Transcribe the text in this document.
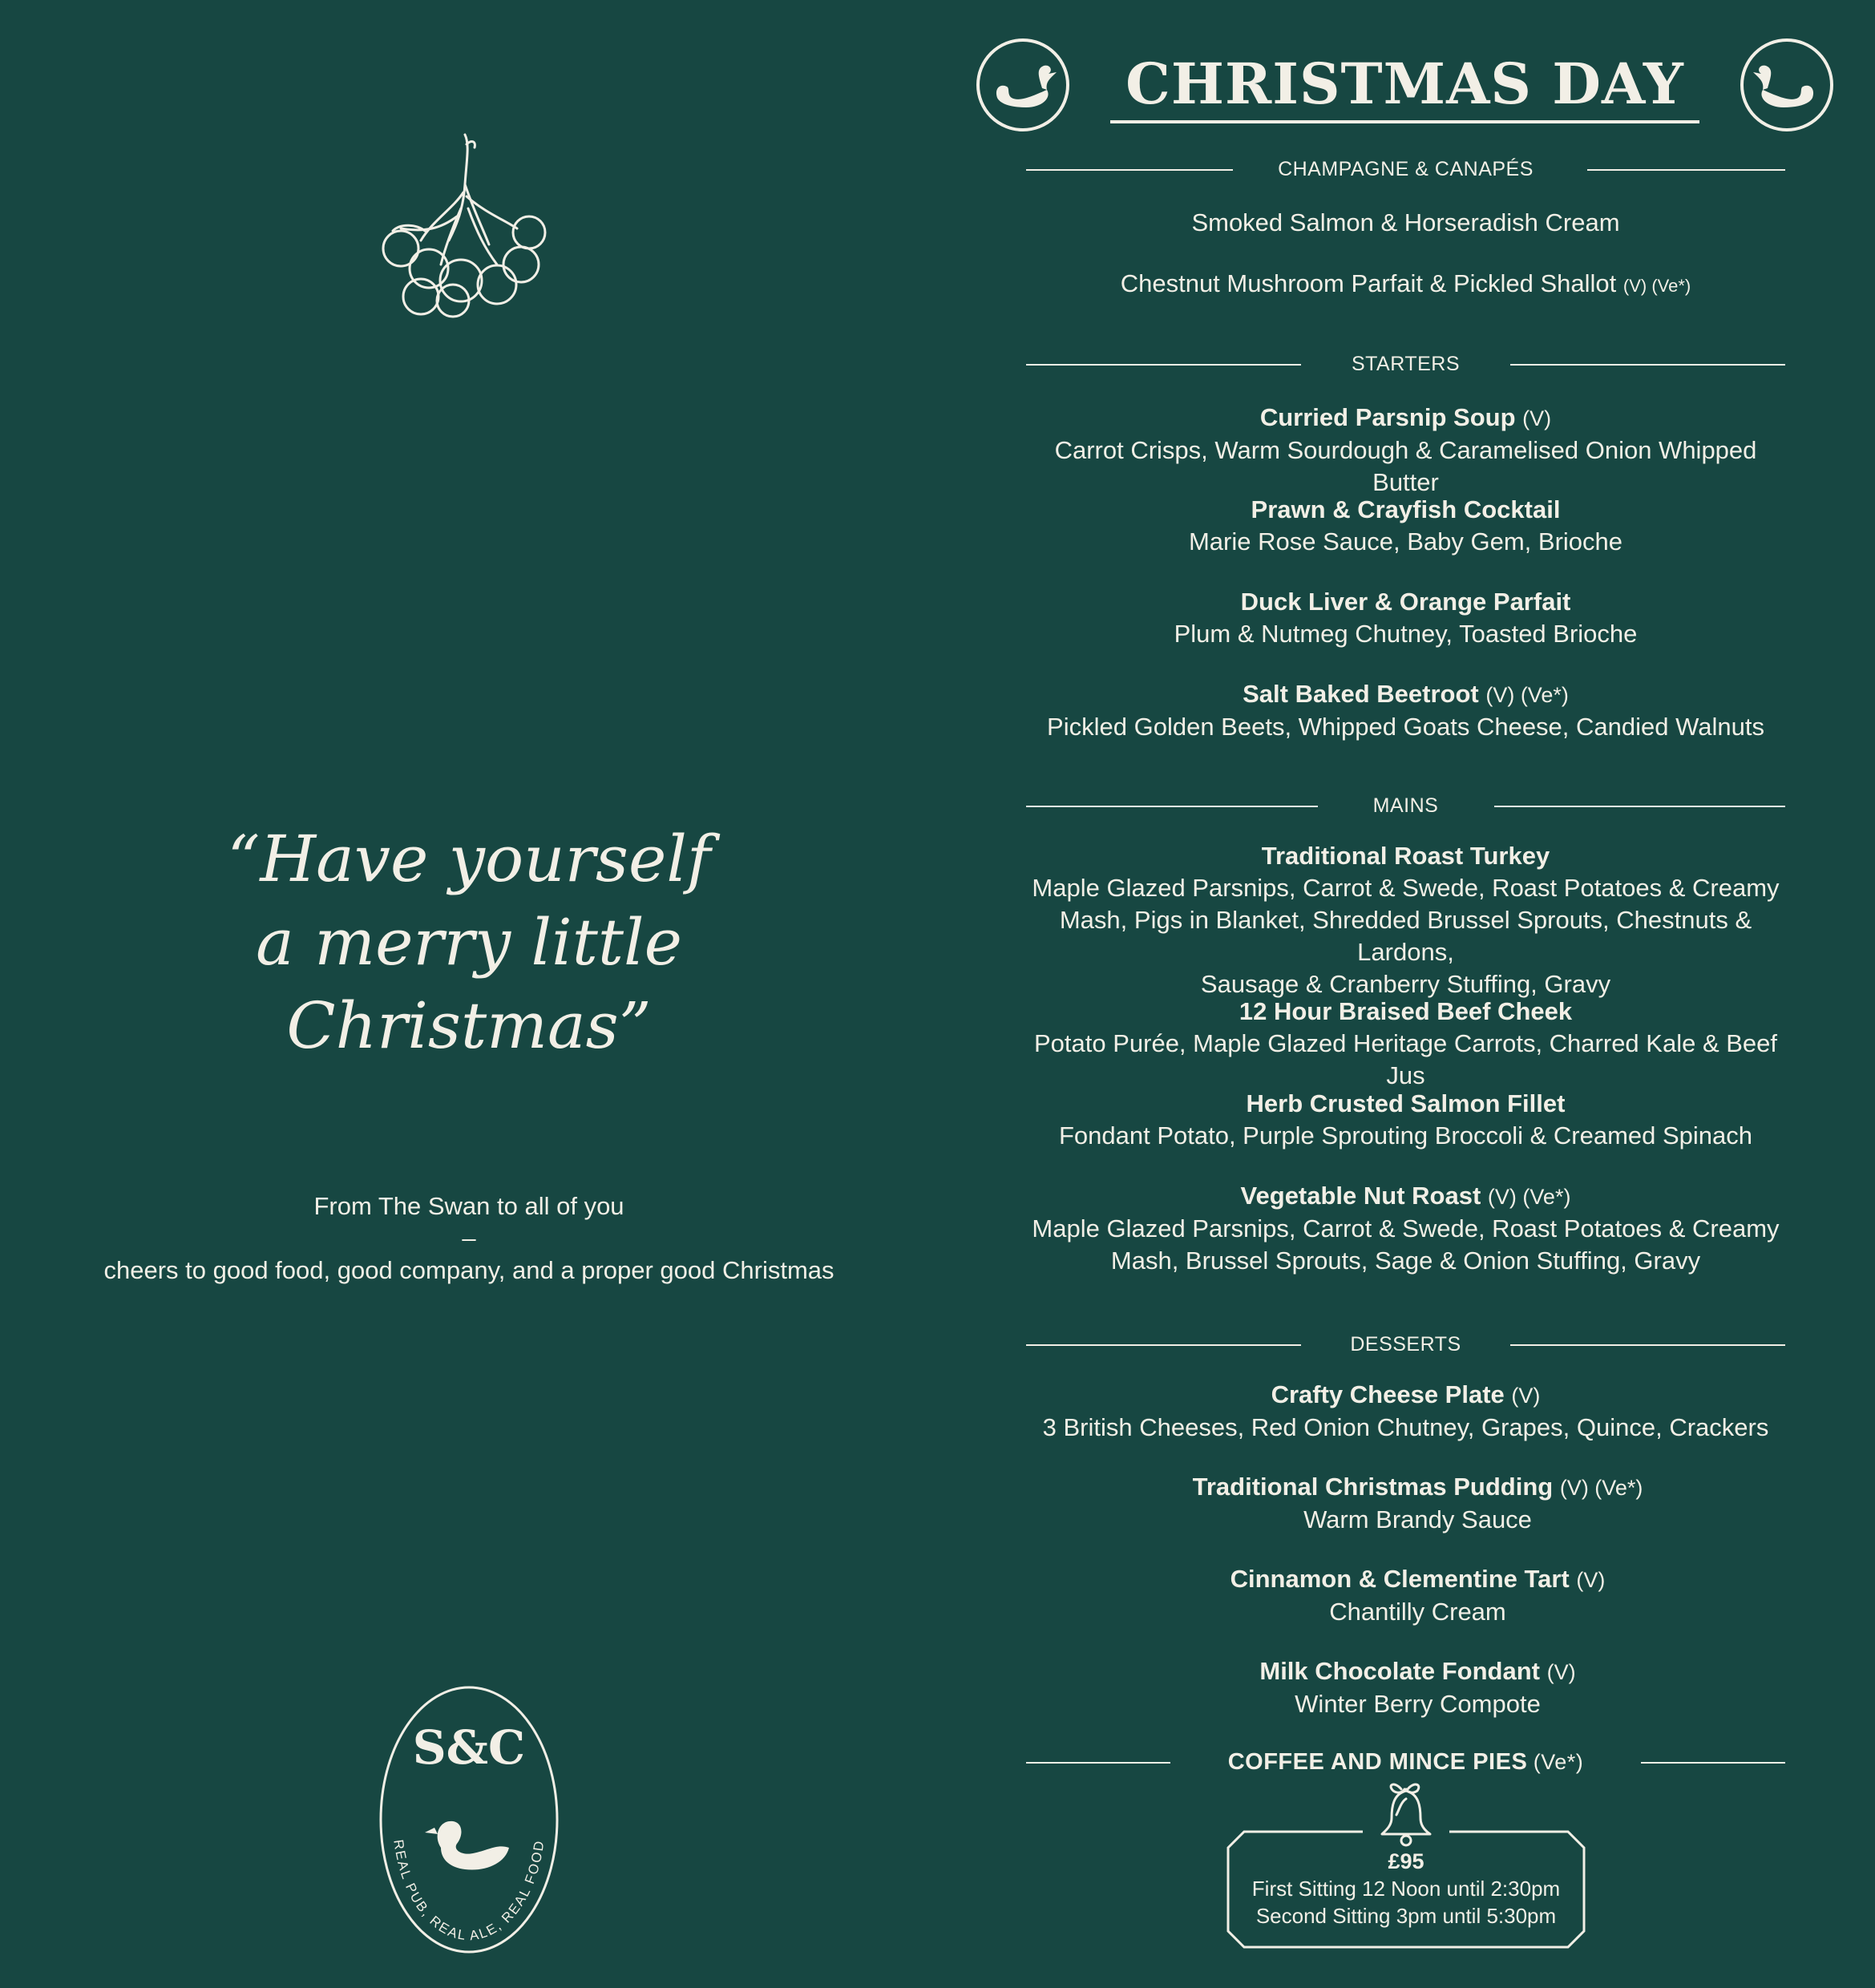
“Have yourself
a merry little
Christmas”
From The Swan to all of you
–
cheers to good food, good company, and a proper good Christmas
S&C
REAL PUB, REAL ALE, REAL FOOD
CHRISTMAS DAY
CHAMPAGNE & CANAPÉS
Smoked Salmon & Horseradish Cream
Chestnut Mushroom Parfait & Pickled Shallot (V) (Ve*)
STARTERS
Curried Parsnip Soup (V)
Carrot Crisps, Warm Sourdough & Caramelised Onion Whipped Butter
Prawn & Crayfish Cocktail
Marie Rose Sauce, Baby Gem, Brioche
Duck Liver & Orange Parfait
Plum & Nutmeg Chutney, Toasted Brioche
Salt Baked Beetroot (V) (Ve*)
Pickled Golden Beets, Whipped Goats Cheese, Candied Walnuts
MAINS
Traditional Roast Turkey
Maple Glazed Parsnips, Carrot & Swede, Roast Potatoes & Creamy
Mash, Pigs in Blanket, Shredded Brussel Sprouts, Chestnuts & Lardons,
Sausage & Cranberry Stuffing, Gravy
12 Hour Braised Beef Cheek
Potato Purée, Maple Glazed Heritage Carrots, Charred Kale & Beef Jus
Herb Crusted Salmon Fillet
Fondant Potato, Purple Sprouting Broccoli & Creamed Spinach
Vegetable Nut Roast (V) (Ve*)
Maple Glazed Parsnips, Carrot & Swede, Roast Potatoes & Creamy
Mash, Brussel Sprouts, Sage & Onion Stuffing, Gravy
DESSERTS
Crafty Cheese Plate (V)
3 British Cheeses, Red Onion Chutney, Grapes, Quince, Crackers
Traditional Christmas Pudding (V) (Ve*)
Warm Brandy Sauce
Cinnamon & Clementine Tart (V)
Chantilly Cream
Milk Chocolate Fondant (V)
Winter Berry Compote
COFFEE AND MINCE PIES (Ve*)
£95
First Sitting 12 Noon until 2:30pm
Second Sitting 3pm until 5:30pm
